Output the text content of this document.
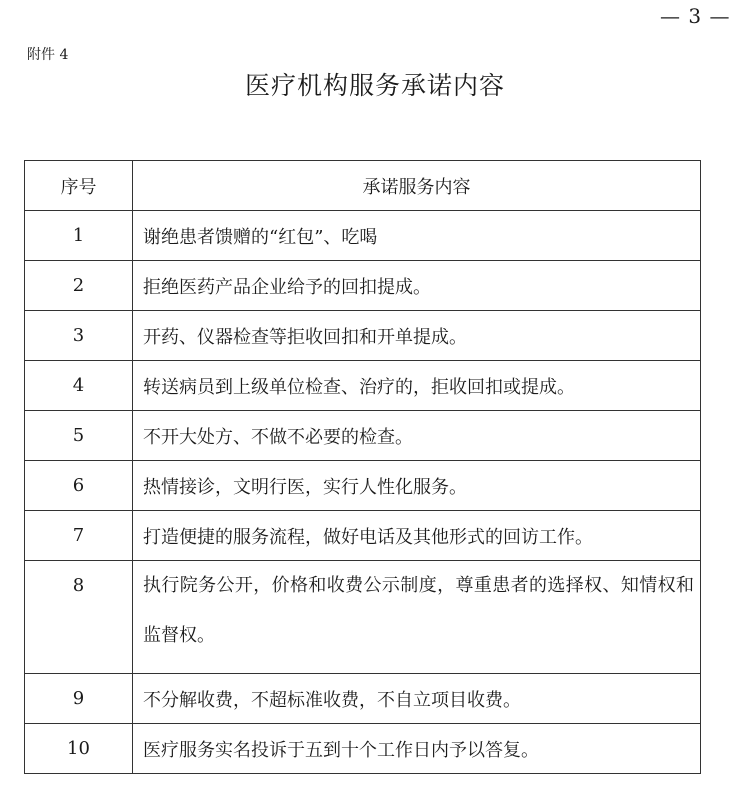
— 3 —
附件 4
医疗机构服务承诺内容
序号	承诺服务内容
1	谢绝患者馈赠的“红包”、吃喝
2	拒绝医药产品企业给予的回扣提成。
3	开药、仪器检查等拒收回扣和开单提成。
4	转送病员到上级单位检查、治疗的，拒收回扣或提成。
5	不开大处方、不做不必要的检查。
6	热情接诊，文明行医，实行人性化服务。
7	打造便捷的服务流程，做好电话及其他形式的回访工作。
8	执行院务公开，价格和收费公示制度，尊重患者的选择权、知情权和监督权。
9	不分解收费，不超标准收费，不自立项目收费。
10	医疗服务实名投诉于五到十个工作日内予以答复。
